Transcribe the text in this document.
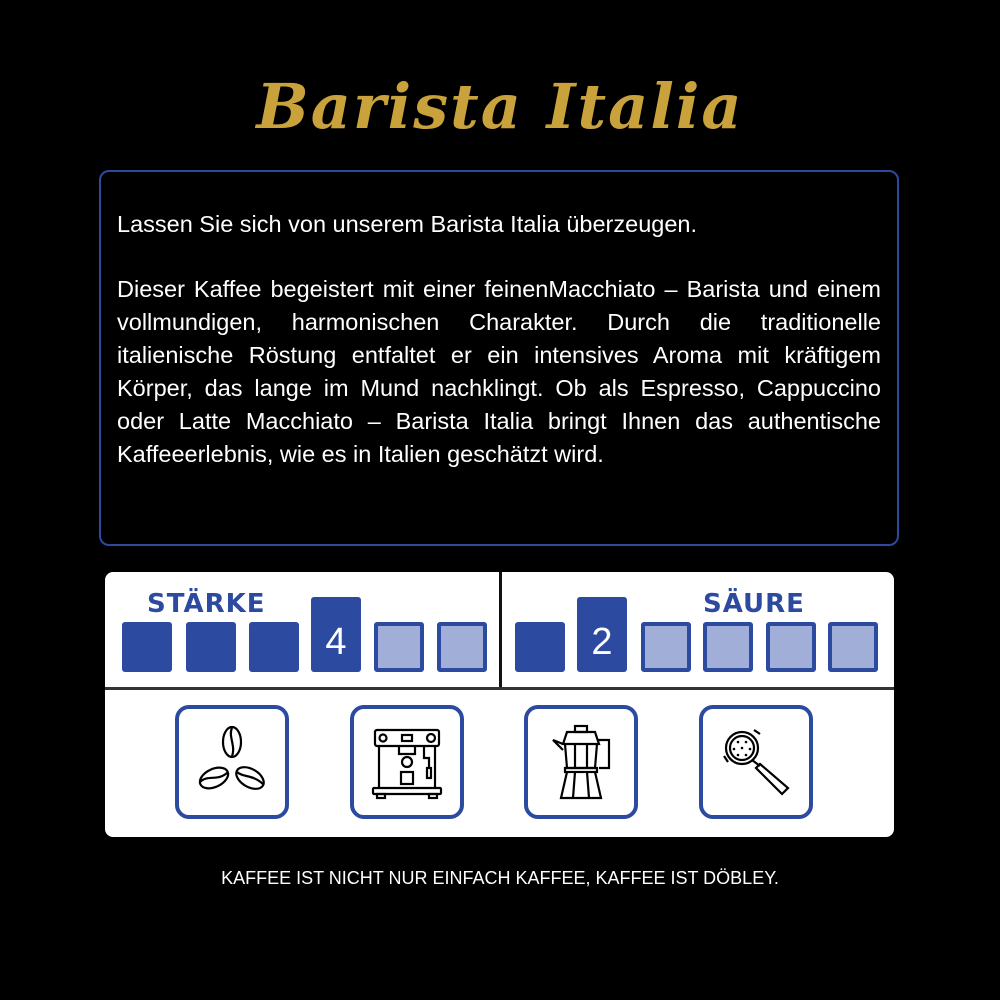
Barista Italia

Lassen Sie sich von unserem Barista Italia überzeugen.

Dieser Kaffee begeistert mit einer feinenMacchiato – Barista und einem vollmundigen, harmonischen Charakter. Durch die traditionelle italienische Röstung entfaltet er ein intensives Aroma mit kräftigem Körper, das lange im Mund nachklingt. Ob als Espresso, Cappuccino oder Latte Macchiato – Barista Italia bringt Ihnen das authentische Kaffeeerlebnis, wie es in Italien geschätzt wird.

STÄRKE
4
SÄURE
2
KAFFEE IST NICHT NUR EINFACH KAFFEE, KAFFEE IST DÖBLEY.
